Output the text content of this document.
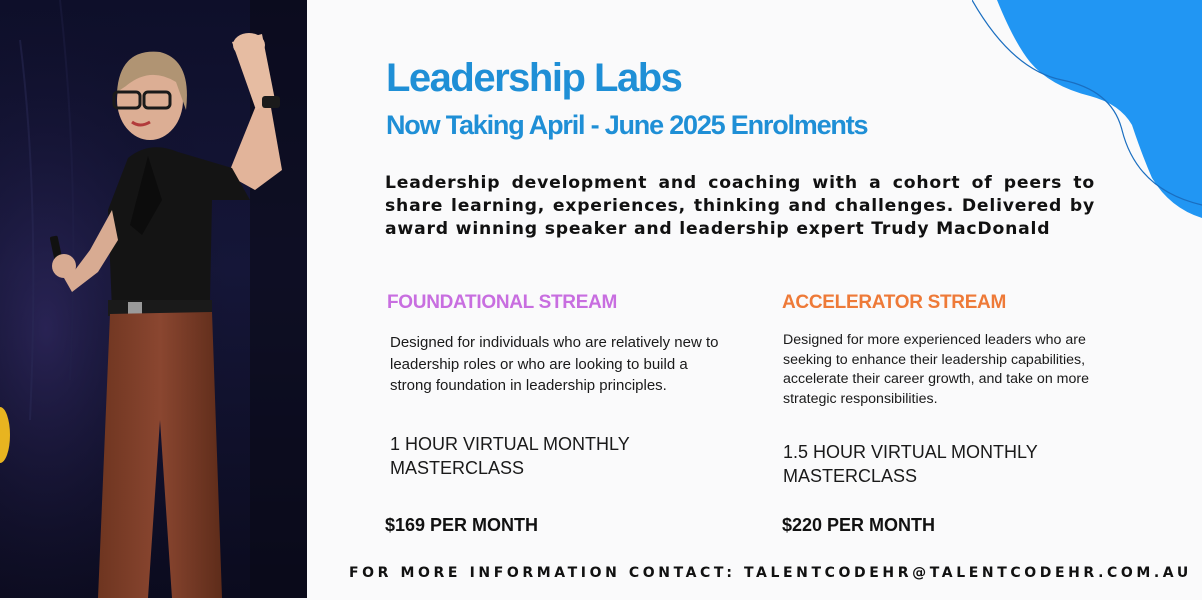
Leadership Labs
Now Taking April - June 2025 Enrolments

Leadership development and coaching with a cohort of peers to share learning, experiences, thinking and challenges. Delivered by award winning speaker and leadership expert Trudy MacDonald

FOUNDATIONAL STREAM

Designed for individuals who are relatively new to leadership roles or who are looking to build a strong foundation in leadership principles.

1 HOUR VIRTUAL MONTHLY MASTERCLASS

$169 PER MONTH

ACCELERATOR STREAM

Designed for more experienced leaders who are seeking to enhance their leadership capabilities, accelerate their career growth, and take on more strategic responsibilities.

1.5 HOUR VIRTUAL MONTHLY MASTERCLASS

$220 PER MONTH

FOR MORE INFORMATION CONTACT: TALENTCODEHR@TALENTCODEHR.COM.AU
